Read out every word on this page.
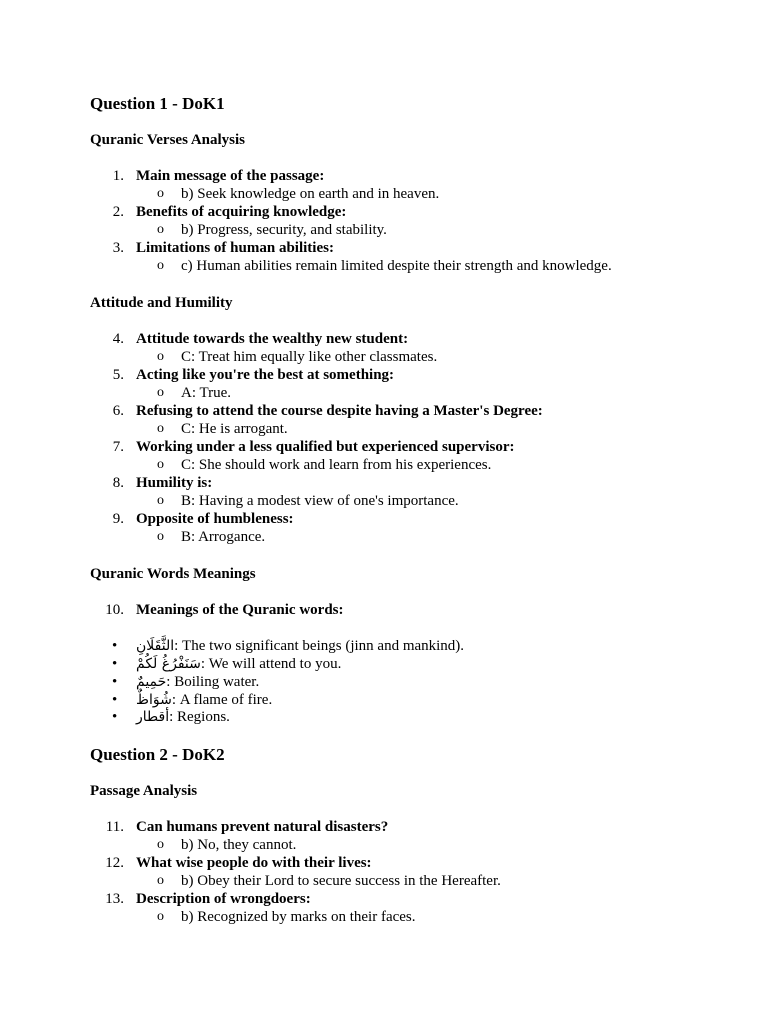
Question 1 - DoK1
Quranic Verses Analysis
1. Main message of the passage:
o b) Seek knowledge on earth and in heaven.
2. Benefits of acquiring knowledge:
o b) Progress, security, and stability.
3. Limitations of human abilities:
o c) Human abilities remain limited despite their strength and knowledge.
Attitude and Humility
4. Attitude towards the wealthy new student:
o C: Treat him equally like other classmates.
5. Acting like you're the best at something:
o A: True.
6. Refusing to attend the course despite having a Master's Degree:
o C: He is arrogant.
7. Working under a less qualified but experienced supervisor:
o C: She should work and learn from his experiences.
8. Humility is:
o B: Having a modest view of one's importance.
9. Opposite of humbleness:
o B: Arrogance.
Quranic Words Meanings
10. Meanings of the Quranic words:
• الثَّقَلَانِ: The two significant beings (jinn and mankind).
• سَنَفْرُغُ لَكُمْ: We will attend to you.
• حَمِيمٌ: Boiling water.
• شُوَاظٌ: A flame of fire.
• أقطار: Regions.
Question 2 - DoK2
Passage Analysis
11. Can humans prevent natural disasters?
o b) No, they cannot.
12. What wise people do with their lives:
o b) Obey their Lord to secure success in the Hereafter.
13. Description of wrongdoers:
o b) Recognized by marks on their faces.
